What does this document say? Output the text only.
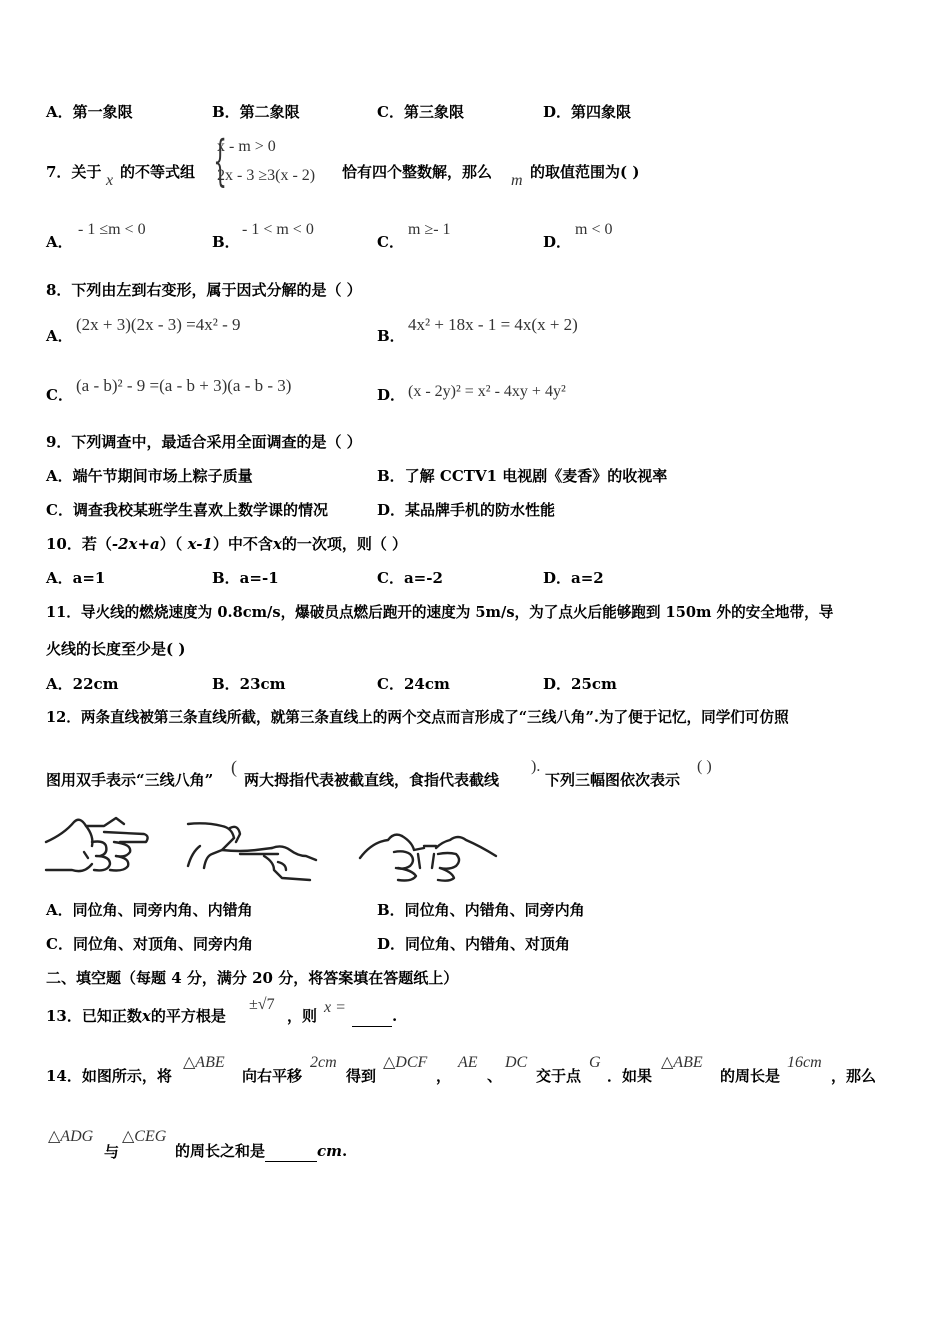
A．第一象限	B．第二象限	C．第三象限	D．第四象限
7．关于 x 的不等式组 {
x - m > 0
2x - 3 ≥3(x - 2) 恰有四个整数解，那么 m 的取值范围为( )
A．
- 1 ≤m < 0
B．
- 1 < m < 0
C．
m ≥- 1
D．
m < 0
8．下列由左到右变形，属于因式分解的是（ ）
A．
(2x + 3)(2x - 3) =4x² - 9
B．
4x² + 18x - 1 = 4x(x + 2)
C． (a - b)² - 9 =(a - b + 3)(a - b - 3)	D． (x - 2y)² = x² - 4xy + 4y²
9．下列调查中，最适合采用全面调查的是（ ）
A．端午节期间市场上粽子质量	B．了解 CCTV1 电视剧《麦香》的收视率
C．调查我校某班学生喜欢上数学课的情况	D．某品牌手机的防水性能
10．若（-2x+a）（ x-1）中不含x的一次项，则（ ）
A．a=1	B．a=-1	C．a=-2	D．a=2
11．导火线的燃烧速度为 0.8cm/s，爆破员点燃后跑开的速度为 5m/s，为了点火后能够跑到 150m 外的安全地带，导
火线的长度至少是( )
A．22cm	B．23cm	C．24cm	D．25cm
12．两条直线被第三条直线所截，就第三条直线上的两个交点而言形成了“三线八角”.为了便于记忆，同学们可仿照
图用双手表示“三线八角”
(
两大拇指代表被截直线，食指代表截线
).
下列三幅图依次表示
( )
A．同位角、同旁内角、内错角	B．同位角、内错角、同旁内角
C．同位角、对顶角、同旁内角	D．同位角、内错角、对顶角
二、填空题（每题 4 分，满分 20 分，将答案填在答题纸上）
13．已知正数x的平方根是
±√7
，则 x =	.
14．如图所示，将
△ABE
向右平移
2cm
得到
△DCF
，
AE
、
DC
交于点
G
．如果
△ABE
的周长是
16cm
，那么
△ADG
与
△CEG
的周长之和是	cm.
